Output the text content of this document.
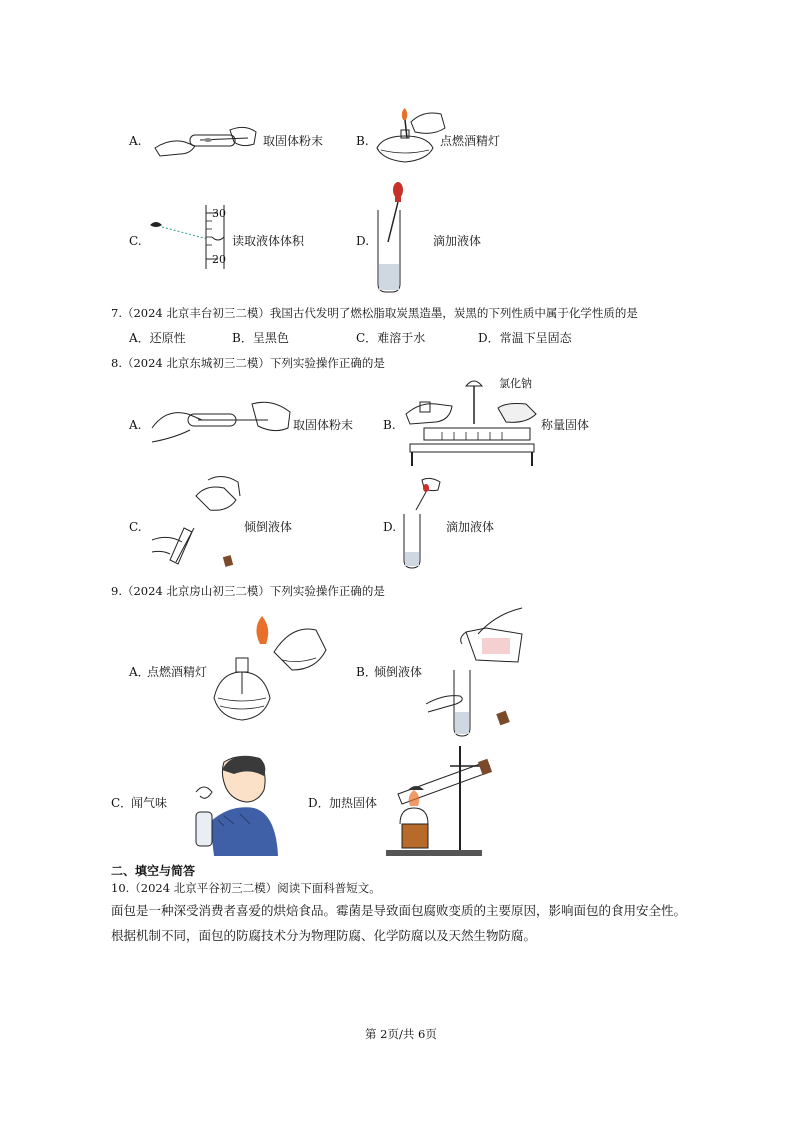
A.	取固体粉末	B.	点燃酒精灯
C.
30
20
读取液体体积	D.	滴加液体
7.（2024 北京丰台初三二模）我国古代发明了燃松脂取炭黑造墨，炭黑的下列性质中属于化学性质的是
A．还原性	B．呈黑色	C．难溶于水	D．常温下呈固态
8.（2024 北京东城初三二模）下列实验操作正确的是
A.	取固体粉末 B.
氯化钠
称量固体
C.	倾倒液体	D.	滴加液体
9.（2024 北京房山初三二模）下列实验操作正确的是
A．
点燃酒精灯	B．
倾倒液体
C．
闻气味	D． 加热固体
二、填空与简答
10.（2024 北京平谷初三二模）阅读下面科普短文。
面包是一种深受消费者喜爱的烘焙食品。霉菌是导致面包腐败变质的主要原因，影响面包的食用安全性。
根据机制不同，面包的防腐技术分为物理防腐、化学防腐以及天然生物防腐。
第 2页/共 6页
